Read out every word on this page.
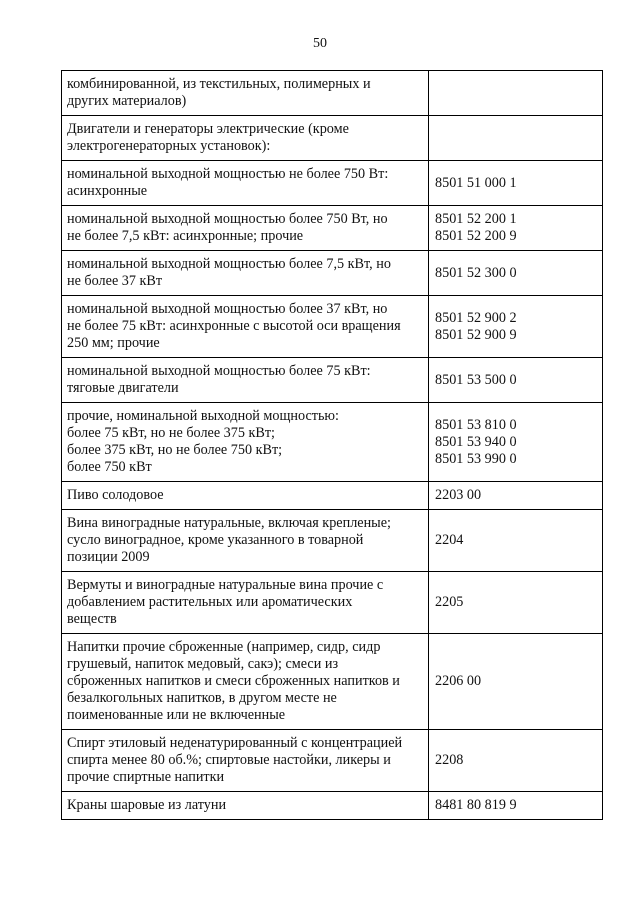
50
комбинированной, из текстильных, полимерных и
других материалов)	

Двигатели и генераторы электрические (кроме
электрогенераторных установок):	

номинальной выходной мощностью не более 750 Вт:
асинхронные	8501 51 000 1

номинальной выходной мощностью более 750 Вт, но
не более 7,5 кВт: асинхронные; прочие	8501 52 200 1
8501 52 200 9

номинальной выходной мощностью более 7,5 кВт, но
не более 37 кВт	8501 52 300 0

номинальной выходной мощностью более 37 кВт, но
не более 75 кВт: асинхронные с высотой оси вращения
250 мм; прочие	8501 52 900 2
8501 52 900 9

номинальной выходной мощностью более 75 кВт:
тяговые двигатели	8501 53 500 0

прочие, номинальной выходной мощностью:
более 75 кВт, но не более 375 кВт;
более 375 кВт, но не более 750 кВт;
более 750 кВт	8501 53 810 0
8501 53 940 0
8501 53 990 0

Пиво солодовое	2203 00

Вина виноградные натуральные, включая крепленые;
сусло виноградное, кроме указанного в товарной
позиции 2009	2204

Вермуты и виноградные натуральные вина прочие с
добавлением растительных или ароматических
веществ	2205

Напитки прочие сброженные (например, сидр, сидр
грушевый, напиток медовый, сакэ); смеси из
сброженных напитков и смеси сброженных напитков и
безалкогольных напитков, в другом месте не
поименованные или не включенные	2206 00

Спирт этиловый неденатурированный с концентрацией
спирта менее 80 об.%; спиртовые настойки, ликеры и
прочие спиртные напитки	2208

Краны шаровые из латуни	8481 80 819 9
